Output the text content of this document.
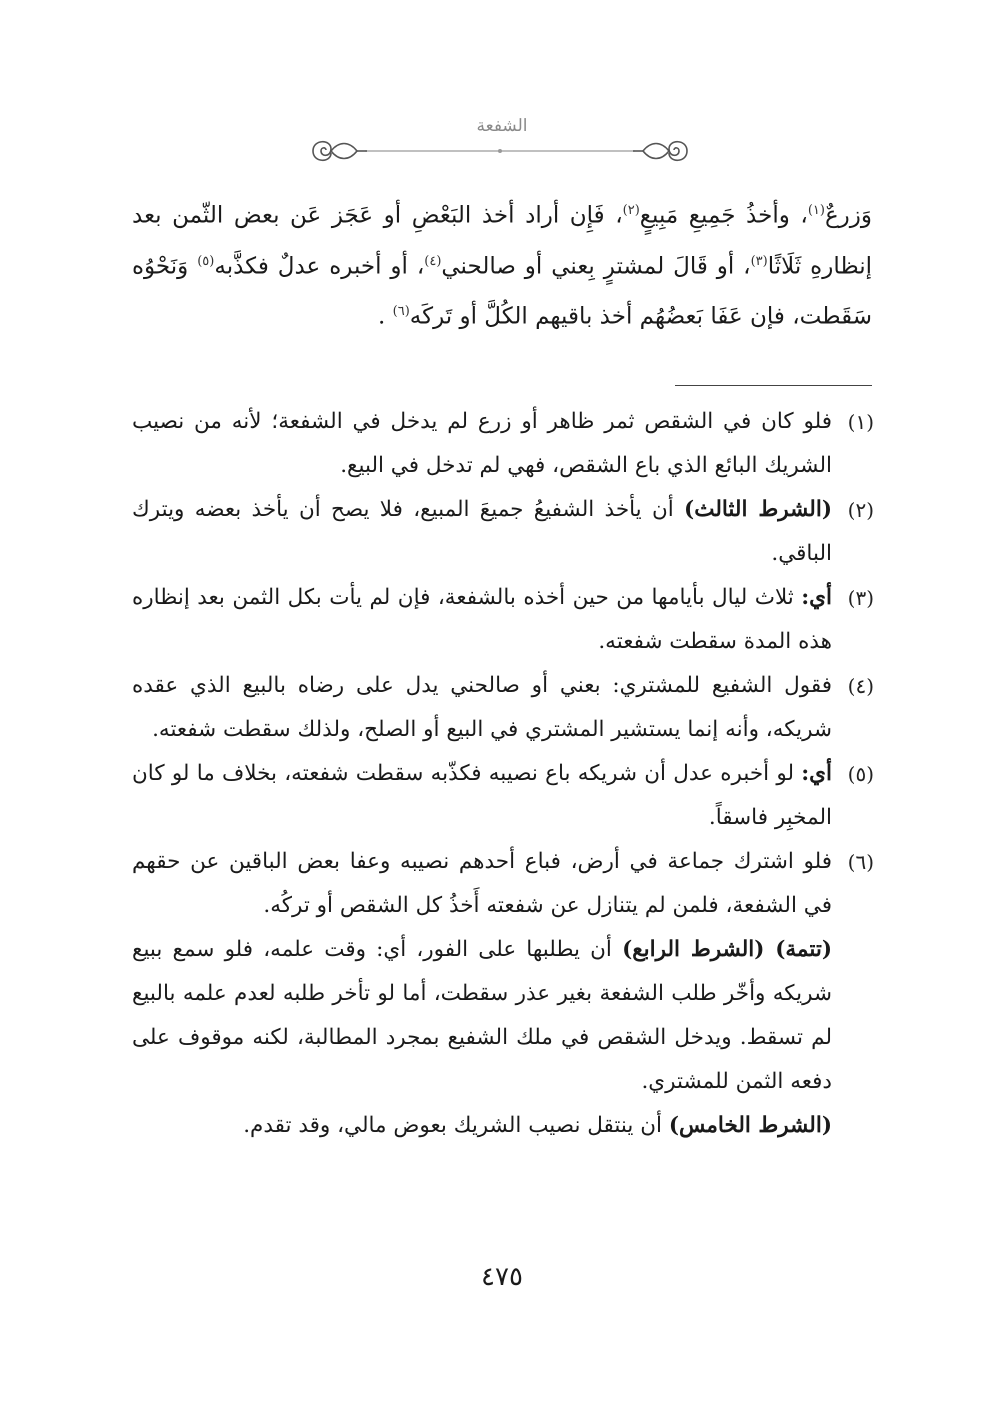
الشفعة

وَزرعٌ$^{(١)}$، وأخذُ جَمِيعِ مَبِيعٍ$^{(٢)}$، فَإِن أراد أخذ البَعْضِ أو عَجَز عَن بعض الثّمن بعد إنظارهِ ثَلَاثًا$^{(٣)}$، أو قَالَ لمشترٍ بِعني أو صالحني$^{(٤)}$، أو أخبره عدلٌ فكذَّبه$^{(٥)}$ وَنَحْوُه سَقَطت، فإن عَفَا بَعضُهُم أخذ باقيهم الكُلَّ أو تَركَه$^{(٦)}$ .

(١)
فلو كان في الشقص ثمر ظاهر أو زرع لم يدخل في الشفعة؛ لأنه من نصيب الشريك البائع الذي باع الشقص، فهي لم تدخل في البيع.
(٢)
(الشرط الثالث) أن يأخذ الشفيعُ جميعَ المبيع، فلا يصح أن يأخذ بعضه ويترك الباقي.
(٣)
أي: ثلاث ليال بأيامها من حين أخذه بالشفعة، فإن لم يأت بكل الثمن بعد إنظاره هذه المدة سقطت شفعته.
(٤)
فقول الشفيع للمشتري: بعني أو صالحني يدل على رضاه بالبيع الذي عقده شريكه، وأنه إنما يستشير المشتري في البيع أو الصلح، ولذلك سقطت شفعته.
(٥)
أي: لو أخبره عدل أن شريكه باع نصيبه فكذّبه سقطت شفعته، بخلاف ما لو كان المخبِر فاسقاً.
(٦)

فلو اشترك جماعة في أرض، فباع أحدهم نصيبه وعفا بعض الباقين عن حقهم في الشفعة، فلمن لم يتنازل عن شفعته أَخذُ كل الشقص أو تركُه.

(تتمة) (الشرط الرابع) أن يطلبها على الفور، أي: وقت علمه، فلو سمع ببيع شريكه وأخّر طلب الشفعة بغير عذر سقطت، أما لو تأخر طلبه لعدم علمه بالبيع لم تسقط. ويدخل الشقص في ملك الشفيع بمجرد المطالبة، لكنه موقوف على دفعه الثمن للمشتري.

(الشرط الخامس) أن ينتقل نصيب الشريك بعوض مالي، وقد تقدم.

٤٧٥
